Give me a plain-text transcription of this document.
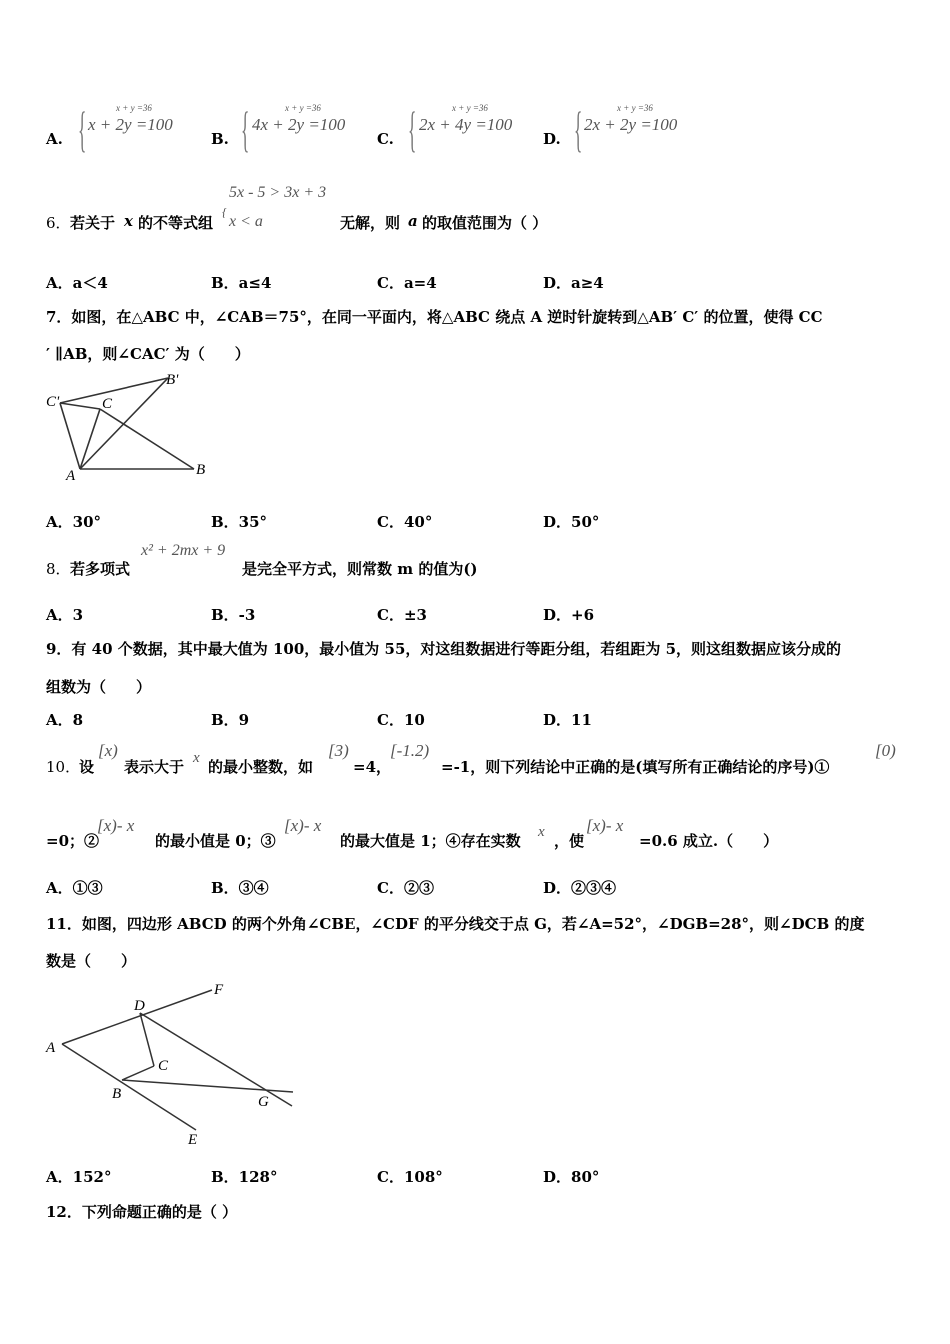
A. {	x + y =36
x + 2y =100
B. {	x + y =36
4x + 2y =100
C. {	x + y =36
2x + 4y =100
D. {	x + y =36
2x + 2y =100
6． 若关于 x 的不等式组
5x - 5 > 3x + 3
{
x < a	无解，则 a 的取值范围为（ ）
A．a＜4	B．a≤4	C．a=4	D．a≥4
7．如图，在△ABC 中，∠CAB＝75°，在同一平面内，将△ABC 绕点 A 逆时针旋转到△AB′ C′ 的位置，使得 CC
′ ∥AB，则∠CAC′ 为（　　）
C'	C
B'
A	B
A．30°	B．35°	C．40°	D．50°
8． 若多项式
x² + 2mx + 9
是完全平方式，则常数 m 的值为()
A．3	B．-3	C．±3	D．+6
9．有 40 个数据，其中最大值为 100，最小值为 55，对这组数据进行等距分组，若组距为 5，则这组数据应该分成的
组数为（　　）
A．8	B．9	C．10	D．11
10．
设
[x)
表示大于 x 的最小整数，如
[3)
=4，
[-1.2)
=-1，则下列结论中正确的是(填写所有正确结论的序号)①
[0)
=0；②
[x)- x
的最小值是 0；③
[x)- x
的最大值是 1；④存在实数 x ，使
[x)- x
=0.6 成立.（　　）
A．①③	B．③④	C．②③	D．②③④
11．如图，四边形 ABCD 的两个外角∠CBE，∠CDF 的平分线交于点 G，若∠A=52°，∠DGB=28°，则∠DCB 的度
数是（　　）
D
F
A
C
B	G
E
A．152°	B．128°	C．108°	D．80°
12．下列命题正确的是（ ）
